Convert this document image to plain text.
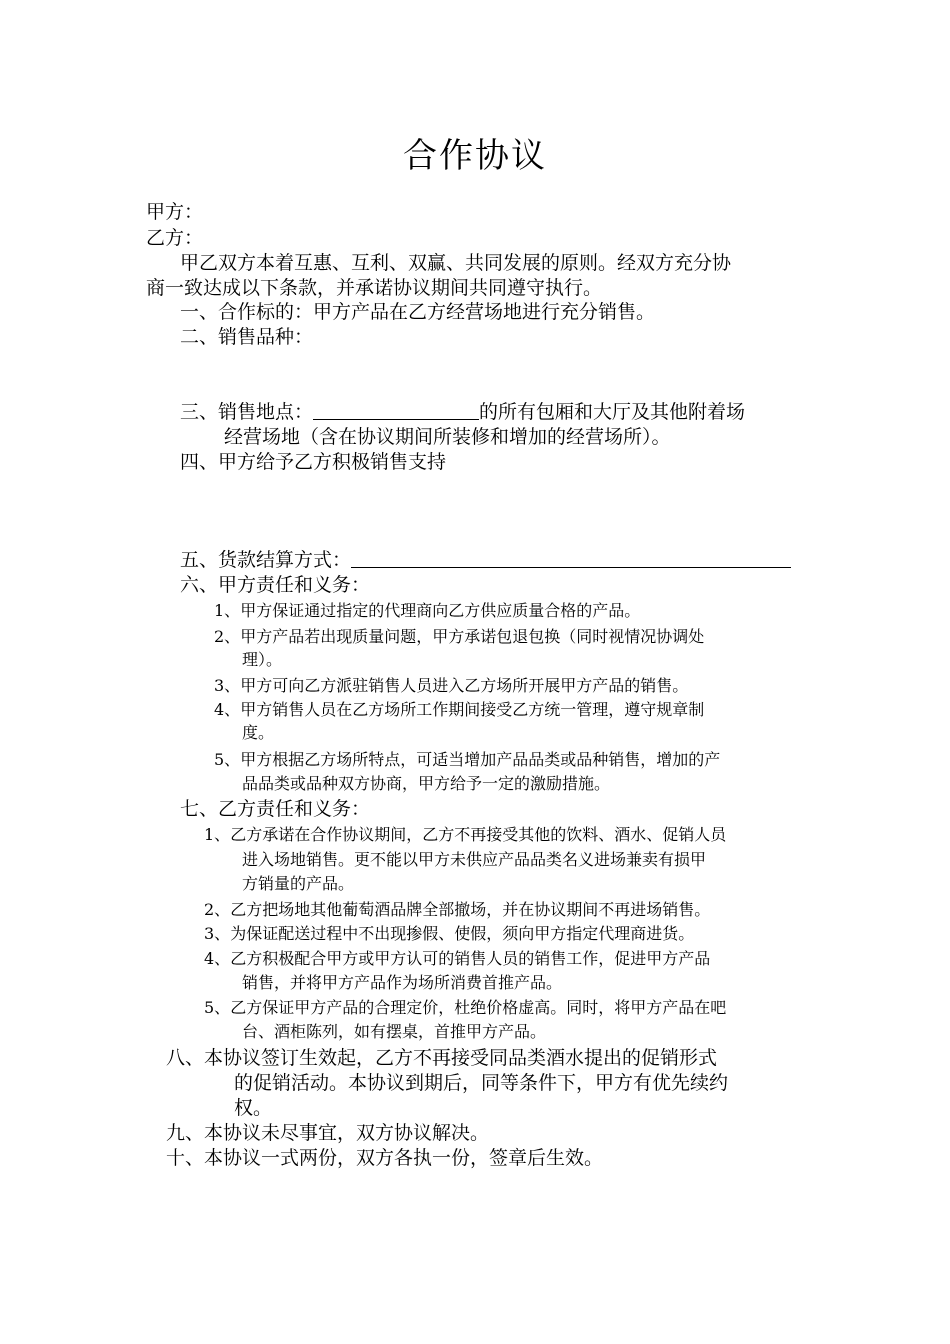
合作协议
甲方：
乙方：
甲乙双方本着互惠、互利、双赢、共同发展的原则。经双方充分协
商一致达成以下条款，并承诺协议期间共同遵守执行。
一、合作标的：甲方产品在乙方经营场地进行充分销售。
二、销售品种：
三、销售地点：	的所有包厢和大厅及其他附着场
经营场地（含在协议期间所装修和增加的经营场所）。
四、甲方给予乙方积极销售支持
五、货款结算方式：
六、甲方责任和义务：
1、甲方保证通过指定的代理商向乙方供应质量合格的产品。
2、甲方产品若出现质量问题，甲方承诺包退包换（同时视情况协调处
理）。
3、甲方可向乙方派驻销售人员进入乙方场所开展甲方产品的销售。
4、甲方销售人员在乙方场所工作期间接受乙方统一管理，遵守规章制
度。
5、甲方根据乙方场所特点，可适当增加产品品类或品种销售，增加的产
品品类或品种双方协商，甲方给予一定的激励措施。
七、乙方责任和义务：
1、乙方承诺在合作协议期间，乙方不再接受其他的饮料、酒水、促销人员
进入场地销售。更不能以甲方未供应产品品类名义进场兼卖有损甲
方销量的产品。
2、乙方把场地其他葡萄酒品牌全部撤场，并在协议期间不再进场销售。
3、为保证配送过程中不出现掺假、使假，须向甲方指定代理商进货。
4、乙方积极配合甲方或甲方认可的销售人员的销售工作，促进甲方产品
销售，并将甲方产品作为场所消费首推产品。
5、乙方保证甲方产品的合理定价，杜绝价格虚高。同时，将甲方产品在吧
台、酒柜陈列，如有摆桌，首推甲方产品。
八、本协议签订生效起，乙方不再接受同品类酒水提出的促销形式
的促销活动。本协议到期后，同等条件下，甲方有优先续约
权。
九、本协议未尽事宜，双方协议解决。
十、本协议一式两份，双方各执一份，签章后生效。
